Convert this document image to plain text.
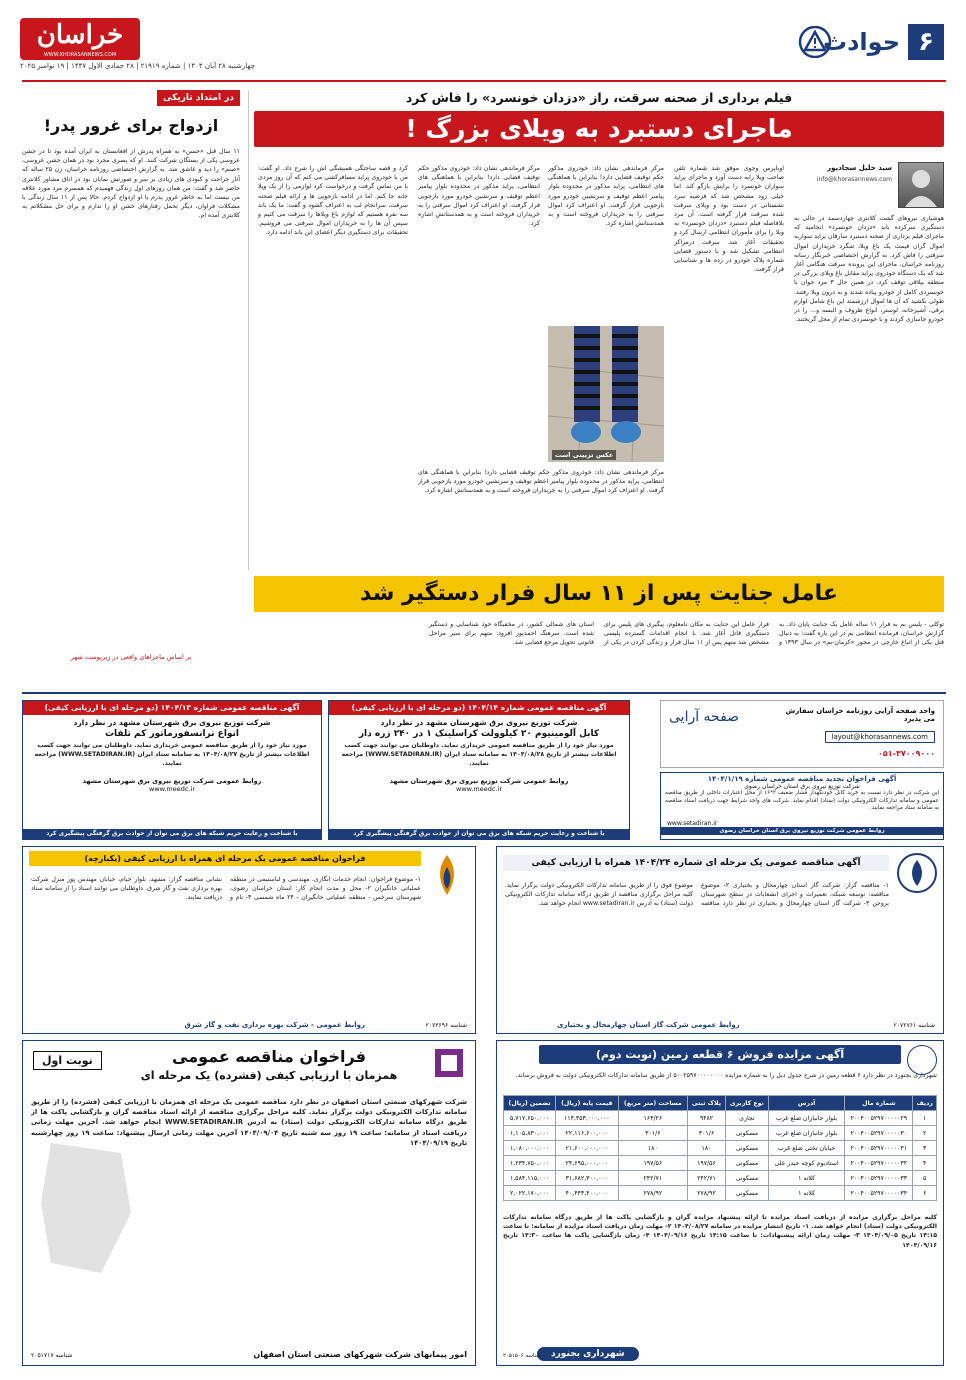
۶
حوادث
خراسان
WWW.KHORASANNEWS.COM
چهارشنبه ۲۸ آبان ۱۴۰۴ | شماره ۲۱۹۱۹ | ۲۸ جمادی الاول ۱۴۴۷ | ۱۹ نوامبر ۲۰۲۵
در امتداد تاریکی
ازدواج برای غرور پدر!
۱۱ سال قبل «حسن» به همراه پدرش از افغانستان به ایران آمده بود تا در جشن عروسی یکی از بستگان شرکت کنند. او که پسری مجرد بود در همان جشن عروسی، «صنم» را دید و عاشق شد. به گزارش اختصاصی روزنامه خراسان، زن ۲۵ ساله که آثار جراحت و کبودی های زیادی بر سر و صورتش نمایان بود در اتاق مشاور کلانتری حاضر شد و گفت: من همان روزهای اول زندگی فهمیدم که همسرم مرد مورد علاقه من نیست اما به خاطر غرور پدرم با او ازدواج کردم. حالا پس از ۱۱ سال زندگی با مشکلات فراوان، دیگر تحمل رفتارهای خشن او را ندارم و برای حل مشکلاتم به کلانتری آمده ام.
بر اساس ماجراهای واقعی در زیرپوست شهر
فیلم برداری از صحنه سرقت، راز «دزدان خونسرد» را فاش کرد
ماجرای دستبرد به ویلای بزرگ !
سید خلیل سجادپور
info@khorasannews.com
هوشیاری نیروهای گشت کلانتری چهاردسمد در حالی به دستگیری سرکرده باند «دزدان خونسرد» انجامید که ماجرای فیلم برداری از صحنه دستبرد سارقان پراید سواربه اموال گران قیمت یک باغ ویلا، شگرد خریداران اموال سرقتی را فاش کرد. به گزارش اختصاصی خبرنگار رسانه روزنامه خراسان، ماجرای این پرونده سرقت هنگامی آغاز شد که یک دستگاه خودروی پراید مقابل باغ ویلای بزرگی در منطقه ییلاقی توقف کرد. در همین حال ۳ مرد جوان با خونسردی کامل از خودرو پیاده شدند و به درون ویلا رفتند. طولی نکشید که آن ها اموال ارزشمند این باغ شامل لوازم برقی، آشپزخانه، لوستر، انواع ظروف و البسه و... را در خودرو جاسازی کردند و با خونسردی تمام از محل گریختند.
اوباپرس وجوی موفق شد شماره تلفن صاحب ویلا رابه دست آورد و ماجرای پراید سواران خونسرد را برایش بازگو کند. اما خیلی زود مشخص شد که فرضیه سرد نشستانی در دست بود و ویلای سرقت شده سرقت قرار گرفته است. آن مرد بلافاصله فیلم دستبرد «دزدان خونسرد» به ویلا را برای مأموران انتظامی ارسال کرد و تحقیقات آغاز شد. سرقت درمراکز انتظامی تشکیل شد و با دستور قضایی شماره پلاک خودرو در رده ها و شناسایی قرار گرفت.
عکس تزیینی است
مرکز فرماندهی نشان داد: خودروی مذکور حکم توقیف قضایی دارد! بنابراین با هماهنگی های انتظامی، پراید مذکور در محدوده بلوار پیامبر اعظم توقیف و سرنشین خودرو مورد بازجویی قرار گرفت. او اعتراف کرد اموال سرقتی را به خریداران فروخته است و به همدستانش اشاره کرد.
مرکز فرماندهی نشان داد: خودروی مذکور حکم توقیف قضایی دارد! بنابراین با هماهنگی های انتظامی، پراید مذکور در محدوده بلوار پیامبر اعظم توقیف و سرنشین خودرو مورد بازجویی قرار گرفت. او اعتراف کرد اموال سرقتی را به خریداران فروخته است و به همدستانش اشاره کرد.
مرکز فرماندهی نشان داد: خودروی مذکور حکم توقیف قضایی دارد! بنابراین با هماهنگی های انتظامی، پراید مذکور در محدوده بلوار پیامبر اعظم توقیف و سرنشین خودرو مورد بازجویی قرار گرفت. او اعتراف کرد اموال سرقتی را به خریداران فروخته است و به همدستانش اشاره کرد.
کرد و قصه ساختگی همیشگی اش را شرح داد. او گفت: من با خودروی پراید مسافرکشی می کنم که آن روز مردی با من تماس گرفت و درخواست کرد لوازمی را از یک ویلا جابه جا کنم. اما در ادامه بازجویی ها و ارائه فیلم صحنه سرقت، سرانجام لب به اعتراف گشود و گفت: ما یک باند سه نفره هستیم که لوازم باغ ویلاها را سرقت می کنیم و سپس آن ها را به خریداران اموال سرقتی می فروشیم. تحقیقات برای دستگیری دیگر اعضای این باند ادامه دارد.
عامل جنایت پس از ۱۱ سال فرار دستگیر شد
توکلی - پلیس بم به فرار ۱۱ ساله عامل یک جنایت پایان داد. به گزارش خراسان، فرمانده انتظامی بم در این باره گفت: به دنبال قتل یکی از اتباع خارجی در محور «کرمان-بم» در سال ۱۳۹۳ و فرار عامل این جنایت به مکان نامعلوم، پیگیری های پلیس برای دستگیری قاتل آغاز شد. با انجام اقدامات گسترده پلیسی مشخص شد متهم پس از ۱۱ سال فرار و زندگی کردن در یکی از استان های شمالی کشور، در مخفیگاه خود شناسایی و دستگیر شده است. سرهنگ احمدپور افزود: متهم برای سیر مراحل قانونی تحویل مرجع قضایی شد.
صفحه آرایی	واحد صفحه آرایی روزنامه خراسان سفارش می پذیرد
layout@khorasannews.com
۰۵۱-۳۷۰۰۹۰۰۰
آگهی فراخوان تجدید مناقصه عمومی شماره ۱۴۰۴/۱/۱۹
شرکت توزیع نیروی برق استان خراسان رضوی
این شرکت در نظر دارد نسبت به خرید کابل خودنگهدار فشار ضعیف ۲*۱۶ از محل اعتبارات داخلی از طریق مناقصه عمومی و سامانه تدارکات الکترونیکی دولت (ستاد) اقدام نماید. شرکت های واجد شرایط جهت دریافت اسناد مناقصه به سامانه ستاد مراجعه نمایند.
www.setadiran.ir
روابط عمومی شرکت توزیع نیروی برق استان خراسان رضوی
آگهی مناقصه عمومی شماره ۱۴۰۴/۱۴ (دو مرحله ای با ارزیابی کیفی)
شرکت توزیع نیروی برق شهرستان مشهد در نظر دارد
کابل آلومینیوم ۲۰ کیلوولت کراسلینک ۱ در ۲۴۰ زره دار
مورد نیاز خود را از طریق مناقصه عمومی خریداری نماید. داوطلبان می توانند جهت کسب اطلاعات بیشتر از تاریخ ۱۴۰۴/۰۸/۲۸ به سامانه ستاد ایران (WWW.SETADIRAN.IR) مراجعه نمایند.
روابط عمومی شرکت توزیع نیروی برق شهرستان مشهد
www.meedc.ir
با شناخت و رعایت حریم شبکه های برق می توان از حوادث برق گرفتگی پیشگیری کرد
آگهی مناقصه عمومی شماره ۱۴۰۴/۱۳ (دو مرحله ای با ارزیابی کیفی)
شرکت توزیع نیروی برق شهرستان مشهد در نظر دارد
انواع ترانسفورماتور کم تلفات
مورد نیاز خود را از طریق مناقصه عمومی خریداری نماید. داوطلبان می توانند جهت کسب اطلاعات بیشتر از تاریخ ۱۴۰۴/۰۸/۲۷ به سامانه ستاد ایران (WWW.SETADIRAN.IR) مراجعه نمایند.
روابط عمومی شرکت توزیع نیروی برق شهرستان مشهد
www.meedc.ir
با شناخت و رعایت حریم شبکه های برق می توان از حوادث برق گرفتگی پیشگیری کرد
آگهی مناقصه عمومی یک مرحله ای شماره ۱۴۰۴/۲۴ همراه با ارزیابی کیفی
۱- مناقصه گزار: شرکت گاز استان چهارمحال و بختیاری ۲- موضوع مناقصه: توسعه شبکه، تعمیرات و اجرای انشعابات در سطح شهرستان بروجن ۳- شرکت گاز استان چهارمحال و بختیاری در نظر دارد مناقصه موضوع فوق را از طریق سامانه تدارکات الکترونیکی دولت برگزار نماید. کلیه مراحل برگزاری مناقصه از طریق درگاه سامانه تدارکات الکترونیکی دولت (ستاد) به آدرس www.setadiran.ir انجام خواهد شد.
روابط عمومی شرکت گاز استان چهارمحال و بختیاری	شناسه ۲۰۷۲۷۶۱
فراخوان مناقصه عمومی یک مرحله ای همراه با ارزیابی کیفی (یکبارچه)
۱- موضوع فراخوان: انجام خدمات انگاری، مهندسی و لباستیمی در منطقه عملیاتی خانگیران ۲- محل و مدت انجام کار: استان خراسان رضوی، شهرستان سرخس - منطقه عملیاتی خانگیران - ۲۴ ماه شمسی ۳- نام و نشانی مناقصه گزار: مشهد، بلوار خیام، خیابان مهندس پور منزل شرکت بهره برداری نفت و گاز شرق. داوطلبان می توانند اسناد را از سامانه ستاد دریافت نمایند.
روابط عمومی - شرکت بهره برداری نفت و گاز شرق	شناسه ۲۰۷۳۶۹۶
آگهی مزایده فروش ۶ قطعه زمین (نوبت دوم)
شهرداری بجنورد در نظر دارد ۶ قطعه زمین در شرح جدول ذیل را به شماره مزایده ۵۰۰۲۵۹۷۰۰۰۰۰۰۰۰ از طریق سامانه تدارکات الکترونیکی دولت به فروش برساند.
ردیف	شماره مال	آدرس	نوع کاربری	پلاک ثبتی	مساحت (متر مربع)	قیمت پایه (ریال)	تضمین (ریال)
۱	۲۰۰۴۰۰۵۲۹۷۰۰۰۰۰۲۹	بلوار جانبازان ضلع غرب	تجاری	۹۴۸۲	۱۶۳/۲۶	۱۱۴,۳۵۳,۰۰۰,۰۰۰	۵,۷۱۷,۶۵۰,۰۰۰
۲	۲۰۰۴۰۰۵۲۹۷۰۰۰۰۰۳۰	بلوار جانبازان ضلع غرب	مسکونی	۳۰۱/۶	۳۰۱/۶	۲۲,۱۱۶,۶۰۰,۰۰۰	۱,۱۰۵,۸۳۰,۰۰۰
۳	۲۰۰۴۰۰۵۲۹۷۰۰۰۰۰۳۱	خیابان تختی ضلع غرب	مسکونی	۱۸۰	۱۸۰	۲۱,۶۰۰,۰۰۰,۰۰۰	۱,۰۸۰,۰۰۰,۰۰۰
۴	۲۰۰۴۰۰۵۲۹۷۰۰۰۰۰۳۲	استادیوم کوچه حیدر علی	مسکونی	۱۹۷/۵۶	۱۹۷/۵۶	۲۴,۶۹۵,۰۰۰,۰۰۰	۱,۲۳۴,۷۵۰,۰۰۰
۵	۲۰۰۴۰۰۵۲۹۷۰۰۰۰۰۳۳	کلاته ۱	مسکونی	۲۴۲/۷۱	۲۴۲/۷۱	۳۱,۶۸۲,۳۰۰,۰۰۰	۱,۵۸۴,۱۱۵,۰۰۰
۶	۲۰۰۴۰۰۵۲۹۷۰۰۰۰۰۳۴	کلاته ۱	مسکونی	۲۷۸/۹۲	۲۷۸/۹۲	۴۰,۴۴۳,۴۰۰,۰۰۰	۲,۰۲۲,۱۷۰,۰۰۰
کلیه مراحل برگزاری مزایده از دریافت اسناد مزایده تا ارائه پیشنهاد مزایده گران و بازگشایی پاکت ها از طریق درگاه سامانه تدارکات الکترونیکی دولت (ستاد) انجام خواهد شد. ۱- تاریخ انتشار مزایده در سامانه ۱۴۰۴/۰۸/۲۷ ۲- مهلت زمان دریافت اسناد مزایده از سامانه: تا ساعت ۱۴:۱۵ تاریخ ۱۴۰۴/۰۹/۰۵ ۳- مهلت زمان ارائه پیشنهادات: تا ساعت ۱۴:۱۵ تاریخ ۱۴۰۴/۰۹/۱۶ ۴- زمان بازگشایی پاکت ها ساعت ۱۴:۳۰ تاریخ ۱۴۰۴/۰۹/۱۶
شهرداری بجنورد
شناسه ۲۰۵۱۵۰۶
فراخوان مناقصه عمومی
همزمان با ارزیابی کیفی (فشرده) یک مرحله ای
نوبت اول
شرکت شهرکهای صنعتی استان اصفهان در نظر دارد مناقصه عمومی یک مرحله ای همزمان با ارزیابی کیفی (فشرده) را از طریق سامانه تدارکات الکترونیکی دولت برگزار نماید. کلیه مراحل برگزاری مناقصه از ارائه اسناد مناقصه گران و بازگشایی پاکت ها از طریق درگاه سامانه تدارکات الکترونیکی دولت (ستاد) به آدرس WWW.SETADIRAN.IR انجام خواهد شد. آخرین مهلت زمانی دریافت اسناد از سامانه: ساعت ۱۹ روز سه شنبه تاریخ ۱۴۰۴/۰۹/۰۴ آخرین مهلت زمانی ارسال پیشنهاد: ساعت ۱۹ روز چهارشنبه تاریخ ۱۴۰۴/۰۹/۱۹
امور پیمانهای شرکت شهرکهای صنعتی استان اصفهان
شناسه ۲۰۵۱۷۱۷
